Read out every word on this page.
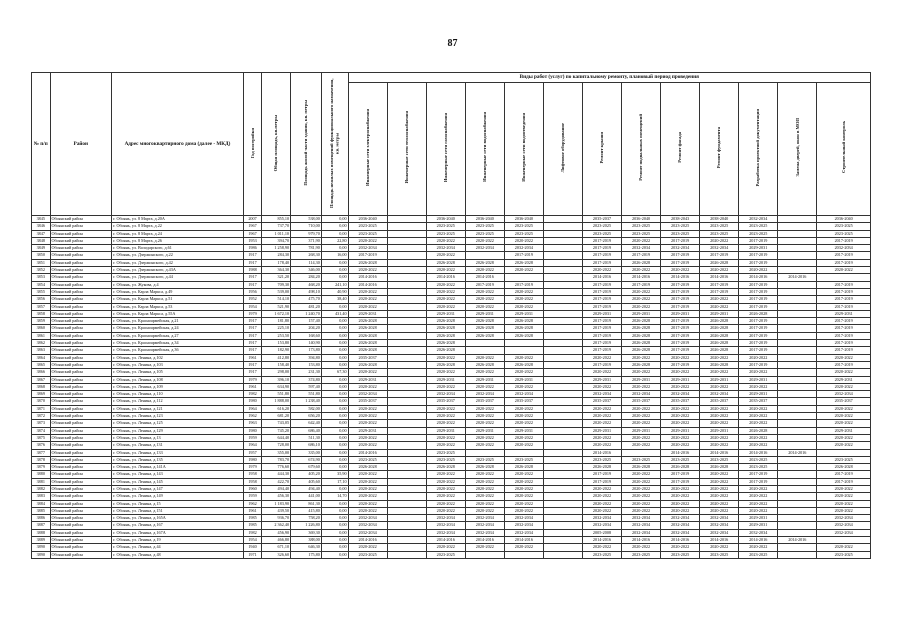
87
№ п/п	Район	Адрес многоквартирного дома (далее - МКД)	Год постройки	Общая площадь, кв.метры	Площадь жилой части здания, кв. метры	Площадь нежилых помещений функционального назначения, кв. метры	Виды работ (услуг) по капитальному ремонту, плановый период проведения												
							Инженерные сети электроснабжения	Инженерные сети теплоснабжения	Инженерные сети газоснабжения	Инженерные сети водоснабжения	Инженерные сети водоотведения	Лифтовое оборудование	Ремонт крыши	Ремонт подвальных помещений	Ремонт фасада	Ремонт фундамента	Разработка проектной документации	Замена дверей, окон в МОП	Строительный контроль
3845	Обоянский район	г. Обоянь, ул. 8 Марта, д.20А	2007	855,10	538,00	0,00	2036-2040		2036-2040	2036-2040	2036-2040		2035-2037	2036-2040	2038-2043	2038-2040	2032-2034		2036-2040
3846	Обоянский район	г. Обоянь, ул. 8 Марта, д.22	1967	737,70	710,00	0,00	2023-2025		2023-2025	2023-2025	2023-2025		2023-2025	2023-2025	2023-2025	2023-2025	2023-2025		2023-2025
3847	Обоянский район	г. Обоянь, ул. 8 Марта, д.24	1967	1 011,10	979,70	0,00	2023-2025		2023-2025	2023-2025	2023-2025		2023-2025	2023-2025	2023-2025	2023-2025	2023-2025		2023-2025
3848	Обоянский район	г. Обоянь, ул. 8 Марта, д.26	1953	394,70	371,90	22,80	2020-2022		2020-2022	2020-2022	2020-2022		2017-2019	2020-2022	2017-2019	2020-2022	2017-2019		2017-2019
3849	Обоянский район	г. Обоянь, ул. Володарского, д.61	1986	1 258,90	781,90	0,00	2032-2034		2032-2034	2032-2034	2032-2034		2017-2019	2032-2034	2032-2034	2032-2034	2029-2031		2032-2034
3850	Обоянский район	г. Обоянь, ул. Дзержинского, д.22	1917	284,30	268,30	16,00	2017-2019		2020-2022		2017-2019		2017-2019	2017-2019	2017-2019	2017-2019	2017-2019		2017-2019
3851	Обоянский район	г. Обоянь, ул. Дзержинского, д.42	1917	178,40	114,30	0,00	2026-2028		2026-2028	2026-2028	2026-2028		2017-2019	2026-2028	2017-2019	2026-2028	2017-2019		2017-2019
3852	Обоянский район	г. Обоянь, ул. Дзержинского, д.43А	1988	364,30	346,00	0,00	2020-2022		2020-2022	2020-2022	2020-2022		2020-2022	2020-2022	2020-2022	2020-2022	2020-2022		2020-2022
3853	Обоянский район	г. Обоянь, ул. Дзержинского, д.44	1917	321,20	284,20	0,00	2014-2016		2014-2016	2014-2016			2014-2016	2014-2016	2014-2016	2014-2016	2014-2016	2014-2016	
3854	Обоянский район	г. Обоянь, ул. Жукова, д.4	1917	709,30	468,20	241,10	2014-2016		2020-2022	2017-2019	2017-2019		2017-2019	2017-2019	2017-2019	2017-2019	2017-2019		2017-2019
3855	Обоянский район	г. Обоянь, ул. Карла Маркса, д.49	1956	539,00	498,10	40,90	2020-2022		2020-2022	2020-2022	2020-2022		2017-2019	2020-2022	2017-2019	2017-2019	2017-2019		2017-2019
3856	Обоянский район	г. Обоянь, ул. Карла Маркса, д.51	1952	514,10	475,70	38,40	2020-2022		2020-2022	2020-2022	2020-2022		2017-2019	2020-2022	2017-2019	2020-2022	2017-2019		2017-2019
3857	Обоянский район	г. Обоянь, ул. Карла Маркса, д.53	1954	521,90	481,20	0,00	2020-2022		2020-2022	2020-2022	2020-2022		2017-2019	2020-2022	2017-2019	2020-2022	2017-2019		2017-2019
3858	Обоянский район	г. Обоянь, ул. Карла Маркса, д.55А	1979	1 672,10	1 240,70	431,40	2029-2031		2029-2031	2029-2031	2029-2031		2029-2031	2029-2031	2029-2031	2029-2031	2026-2028		2029-2031
3859	Обоянский район	г. Обоянь, ул. Красноармейская, д.21	1917	181,80	157,40	0,00	2026-2028		2026-2028	2026-2028	2026-2028		2017-2019	2026-2028	2017-2019	2026-2028	2017-2019		2017-2019
3860	Обоянский район	г. Обоянь, ул. Красноармейская, д.24	1917	225,10	204,20	0,00	2026-2028		2026-2028	2026-2028	2026-2028		2017-2019	2026-2028	2017-2019	2026-2028	2017-2019		2017-2019
3861	Обоянский район	г. Обоянь, ул. Красноармейская, д.27	1917	253,50	168,60	0,00	2026-2028		2026-2028	2026-2028	2026-2028		2017-2019	2026-2028	2017-2019	2026-2028	2017-2019		2017-2019
3862	Обоянский район	г. Обоянь, ул. Красноармейская, д.34	1917	153,80	140,90	0,00	2026-2028		2026-2028				2017-2019	2026-2028	2017-2019	2026-2028	2017-2019		2017-2019
3863	Обоянский район	г. Обоянь, ул. Красноармейская, д.36	1917	182,90	173,80	0,00	2026-2028		2026-2028				2017-2019	2026-2028	2017-2019	2026-2028	2017-2019		2017-2019
3864	Обоянский район	г. Обоянь, ул. Ленина, д.102	1961	412,80	394,80	0,00	2035-2037		2020-2022	2020-2022	2020-2022		2020-2022	2020-2022	2020-2022	2020-2022	2020-2022		2020-2022
3865	Обоянский район	г. Обоянь, ул. Ленина, д.103	1917	158,40	153,80	0,00	2026-2028		2026-2028	2026-2028	2026-2028		2017-2019	2026-2028	2017-2019	2026-2028	2017-2019		2017-2019
3866	Обоянский район	г. Обоянь, ул. Ленина, д.105	1917	298,00	231,30	67,30	2020-2022		2020-2022	2020-2022	2020-2022		2020-2022	2020-2022	2020-2022	2020-2022	2020-2022		2020-2022
3867	Обоянский район	г. Обоянь, ул. Ленина, д.108	1979	396,10	374,80	0,00	2029-2031		2029-2031	2029-2031	2029-2031		2029-2031	2029-2031	2029-2031	2029-2031	2029-2031		2029-2031
3868	Обоянский район	г. Обоянь, ул. Ленина, д.109	1961	634,90	597,40	0,00	2020-2022		2020-2022	2020-2022	2020-2022		2020-2022	2020-2022	2020-2022	2020-2022	2020-2022		2020-2022
3869	Обоянский район	г. Обоянь, ул. Ленина, д.110	1982	551,80	551,80	0,00	2032-2034		2032-2034	2032-2034	2032-2034		2032-2034	2032-2034	2032-2034	2032-2034	2029-2031		2032-2034
3870	Обоянский район	г. Обоянь, ул. Ленина, д.112	1980	1 888,00	1 238,40	0,00	2035-2037		2035-2037	2035-2037	2035-2037		2035-2037	2035-2037	2035-2037	2035-2037	2035-2037		2035-2037
3871	Обоянский район	г. Обоянь, ул. Ленина, д.121	1964	616,20	582,00	0,00	2020-2022		2020-2022	2020-2022	2020-2022		2020-2022	2020-2022	2020-2022	2020-2022	2020-2022		2020-2022
3872	Обоянский район	г. Обоянь, ул. Ленина, д.123	1962	681,20	656,20	0,00	2020-2022		2020-2022	2020-2022	2020-2022		2020-2022	2020-2022	2020-2022	2020-2022	2020-2022		2020-2022
3873	Обоянский район	г. Обоянь, ул. Ленина, д.125	1963	743,05	642,40	0,00	2020-2022		2020-2022	2020-2022	2020-2022		2020-2022	2020-2022	2020-2022	2020-2022	2020-2022		2020-2022
3874	Обоянский район	г. Обоянь, ул. Ленина, д.129	1980	745,20	686,40	0,00	2029-2031		2029-2031	2029-2031	2029-2031		2029-2031	2029-2031	2029-2031	2029-2031	2026-2028		2029-2031
3875	Обоянский район	г. Обоянь, ул. Ленина, д.13	1959	644,40	511,30	0,00	2020-2022		2020-2022	2020-2022	2020-2022		2020-2022	2020-2022	2020-2022	2020-2022	2020-2022		2020-2022
3876	Обоянский район	г. Обоянь, ул. Ленина, д.131	1964	728,00	686,10	0,00	2020-2022		2020-2022	2020-2022	2020-2022		2020-2022	2020-2022	2020-2022	2020-2022	2020-2022		2020-2022
3877	Обоянский район	г. Обоянь, ул. Ленина, д.133	1957	355,00	335,00	0,00	2014-2016		2023-2025				2014-2016		2014-2016	2014-2016	2014-2016	2014-2016	
3878	Обоянский район	г. Обоянь, ул. Ленина, д.135	1980	783,70	674,90	0,00	2023-2025		2023-2025	2023-2025	2023-2025		2023-2025	2023-2025	2023-2025	2023-2025	2023-2025		2023-2025
3879	Обоянский район	г. Обоянь, ул. Ленина, д.141А	1979	776,60	679,60	0,00	2026-2028		2026-2028	2026-2028	2026-2028		2026-2028	2026-2028	2026-2028	2026-2028	2023-2025		2026-2028
3880	Обоянский район	г. Обоянь, ул. Ленина, д.143	1958	444,30	405,20	35,90	2020-2022		2020-2022	2020-2022	2020-2022		2017-2019	2020-2022	2017-2019	2020-2022	2017-2019		2017-2019
3881	Обоянский район	г. Обоянь, ул. Ленина, д.145	1958	422,70	405,60	17,10	2020-2022		2020-2022	2020-2022	2020-2022		2017-2019	2020-2022	2017-2019	2020-2022	2017-2019		2017-2019
3882	Обоянский район	г. Обоянь, ул. Ленина, д.147	1960	494,40	494,40	0,00	2020-2022		2020-2022	2020-2022	2020-2022		2020-2022	2020-2022	2020-2022	2020-2022	2020-2022		2020-2022
3883	Обоянский район	г. Обоянь, ул. Ленина, д.149	1959	456,30	441,00	14,70	2020-2022		2020-2022	2020-2022	2020-2022		2020-2022	2020-2022	2020-2022	2020-2022	2020-2022		2020-2022
3884	Обоянский район	г. Обоянь, ул. Ленина, д.15	1962	1 183,90	861,30	0,00	2020-2022		2020-2022	2020-2022	2020-2022		2020-2022	2020-2022	2020-2022	2020-2022	2020-2022		2020-2022
3885	Обоянский район	г. Обоянь, ул. Ленина, д.151	1961	439,50	415,80	0,00	2020-2022		2020-2022	2020-2022	2020-2022		2020-2022	2020-2022	2020-2022	2020-2022	2020-2022		2020-2022
3886	Обоянский район	г. Обоянь, ул. Ленина, д.165А	1985	936,70	758,20	0,00	2032-2034		2032-2034	2032-2034	2032-2034		2032-2034	2032-2034	2032-2034	2032-2034	2029-2031		2032-2034
3887	Обоянский район	г. Обоянь, ул. Ленина, д.167	1985	2 362,40	1 226,80	0,00	2032-2034		2032-2034	2032-2034	2032-2034		2032-2034	2032-2034	2032-2034	2032-2034	2029-2031		2032-2034
3888	Обоянский район	г. Обоянь, ул. Ленина, д.167А	1982	456,90	369,30	0,00	2032-2034		2032-2034	2032-2034	2032-2034		2005-2008	2032-2034	2032-2034	2032-2034	2032-2034		2032-2034
3889	Обоянский район	г. Обоянь, ул. Ленина, д.19	1954	466,80	388,00	0,00	2014-2016		2014-2016	2014-2016	2014-2016		2014-2016	2014-2016	2014-2016	2014-2016	2014-2016	2014-2016	
3890	Обоянский район	г. Обоянь, ул. Ленина, д.44	1940	671,10	646,30	0,00	2020-2022		2020-2022	2020-2022	2020-2022		2020-2022	2020-2022	2020-2022	2020-2022	2020-2022		2020-2022
3890	Обоянский район	г. Обоянь, ул. Ленина, д.48	1971	326,60	175,80	0,00	2023-2025		2023-2025				2023-2025	2023-2025	2023-2025	2023-2025	2023-2025		2023-2025
